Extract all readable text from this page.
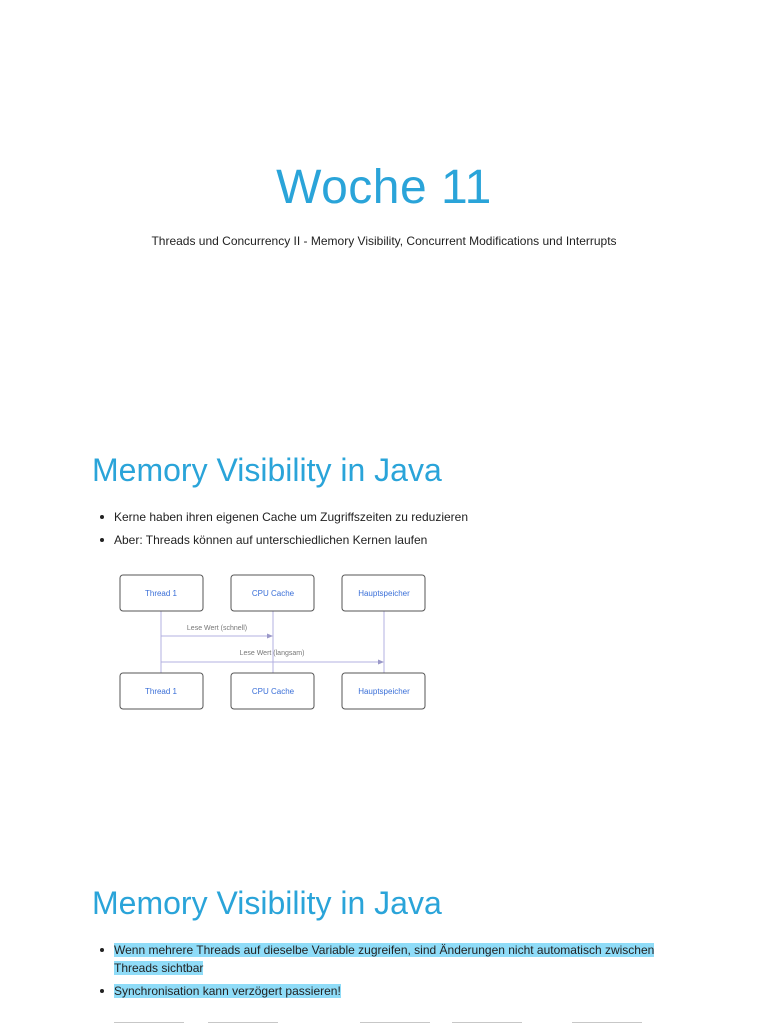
Woche 11
Threads und Concurrency II - Memory Visibility, Concurrent Modifications und Interrupts
Memory Visibility in Java
Kerne haben ihren eigenen Cache um Zugriffszeiten zu reduzieren
Aber: Threads können auf unterschiedlichen Kernen laufen
Thread 1	CPU Cache	Hauptspeicher
Lese Wert (schnell)
Lese Wert (langsam)
Thread 1	CPU Cache	Hauptspeicher
Memory Visibility in Java
Wenn mehrere Threads auf dieselbe Variable zugreifen, sind Änderungen nicht automatisch zwischen Threads sichtbar
Synchronisation kann verzögert passieren!
